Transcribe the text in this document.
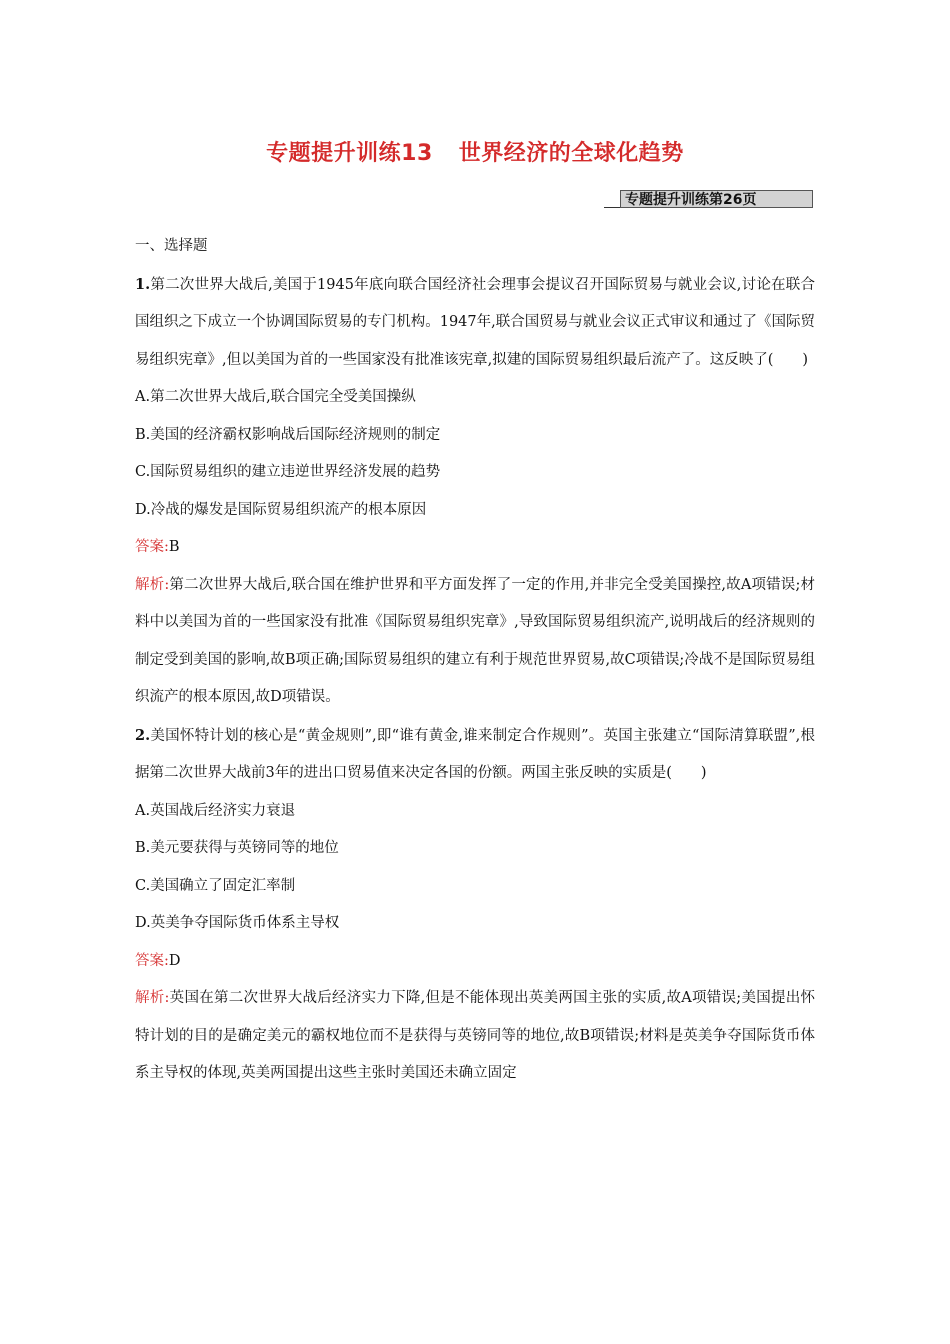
专题提升训练13 世界经济的全球化趋势
专题提升训练第26页

一、选择题

1.第二次世界大战后,美国于1945年底向联合国经济社会理事会提议召开国际贸易与就业会议,讨论在联合国组织之下成立一个协调国际贸易的专门机构。1947年,联合国贸易与就业会议正式审议和通过了《国际贸易组织宪章》,但以美国为首的一些国家没有批准该宪章,拟建的国际贸易组织最后流产了。这反映了(　　)

A.第二次世界大战后,联合国完全受美国操纵

B.美国的经济霸权影响战后国际经济规则的制定

C.国际贸易组织的建立违逆世界经济发展的趋势

D.冷战的爆发是国际贸易组织流产的根本原因

答案:B

解析:第二次世界大战后,联合国在维护世界和平方面发挥了一定的作用,并非完全受美国操控,故A项错误;材料中以美国为首的一些国家没有批准《国际贸易组织宪章》,导致国际贸易组织流产,说明战后的经济规则的制定受到美国的影响,故B项正确;国际贸易组织的建立有利于规范世界贸易,故C项错误;冷战不是国际贸易组织流产的根本原因,故D项错误。

2.美国怀特计划的核心是“黄金规则”,即“谁有黄金,谁来制定合作规则”。英国主张建立“国际清算联盟”,根据第二次世界大战前3年的进出口贸易值来决定各国的份额。两国主张反映的实质是(　　)

A.英国战后经济实力衰退

B.美元要获得与英镑同等的地位

C.美国确立了固定汇率制

D.英美争夺国际货币体系主导权

答案:D

解析:英国在第二次世界大战后经济实力下降,但是不能体现出英美两国主张的实质,故A项错误;美国提出怀特计划的目的是确定美元的霸权地位而不是获得与英镑同等的地位,故B项错误;材料是英美争夺国际货币体系主导权的体现,英美两国提出这些主张时美国还未确立固定
